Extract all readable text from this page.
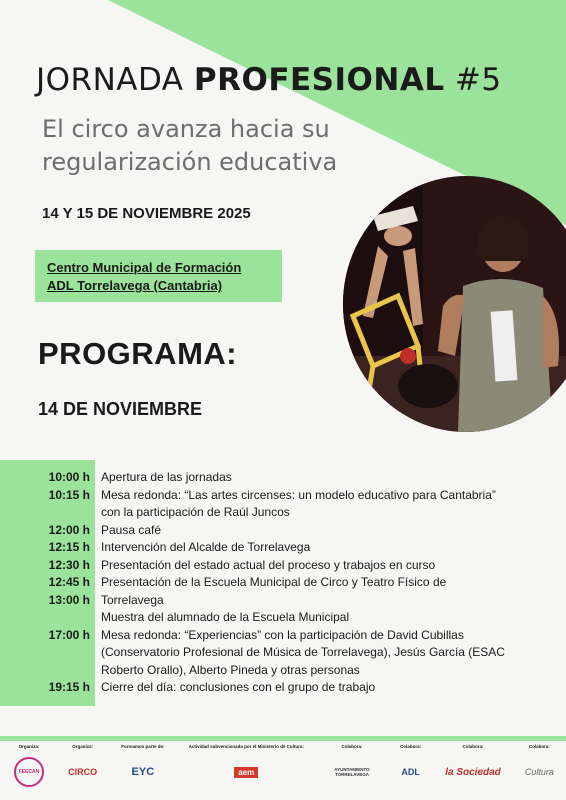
JORNADA PROFESIONAL #5
El circo avanza hacia su regularización educativa
14 Y 15 DE NOVIEMBRE 2025
Centro Municipal de Formación
ADL Torrelavega (Cantabria)
PROGRAMA:
14 DE NOVIEMBRE
10:00 h Apertura de las jornadas
10:15 h Mesa redonda: “Las artes circenses: un modelo educativo para Cantabria”
con la participación de Raúl Juncos
12:00 h Pausa café
12:15 h Intervención del Alcalde de Torrelavega
12:30 h Presentación del estado actual del proceso y trabajos en curso
12:45 h Presentación de la Escuela Municipal de Circo y Teatro Físico de
13:00 h Torrelavega
Muestra del alumnado de la Escuela Municipal
17:00 h Mesa redonda: “Experiencias” con la participación de David Cubillas
(Conservatorio Profesional de Música de Torrelavega), Jesús García (ESAC
Roberto Orallo), Alberto Pineda y otras personas
19:15 h Cierre del día: conclusiones con el grupo de trabajo
Organiza:
FEECAN
Organiza:
CIRCO
Formamos parte de:
EYC
Actividad subvencionada por el Ministerio de Cultura:
aem
Colabora:
AYUNTAMIENTO TORRELAVEGA
Colabora:
ADL
Colabora:
la Sociedad
Colabora:
Cultura
